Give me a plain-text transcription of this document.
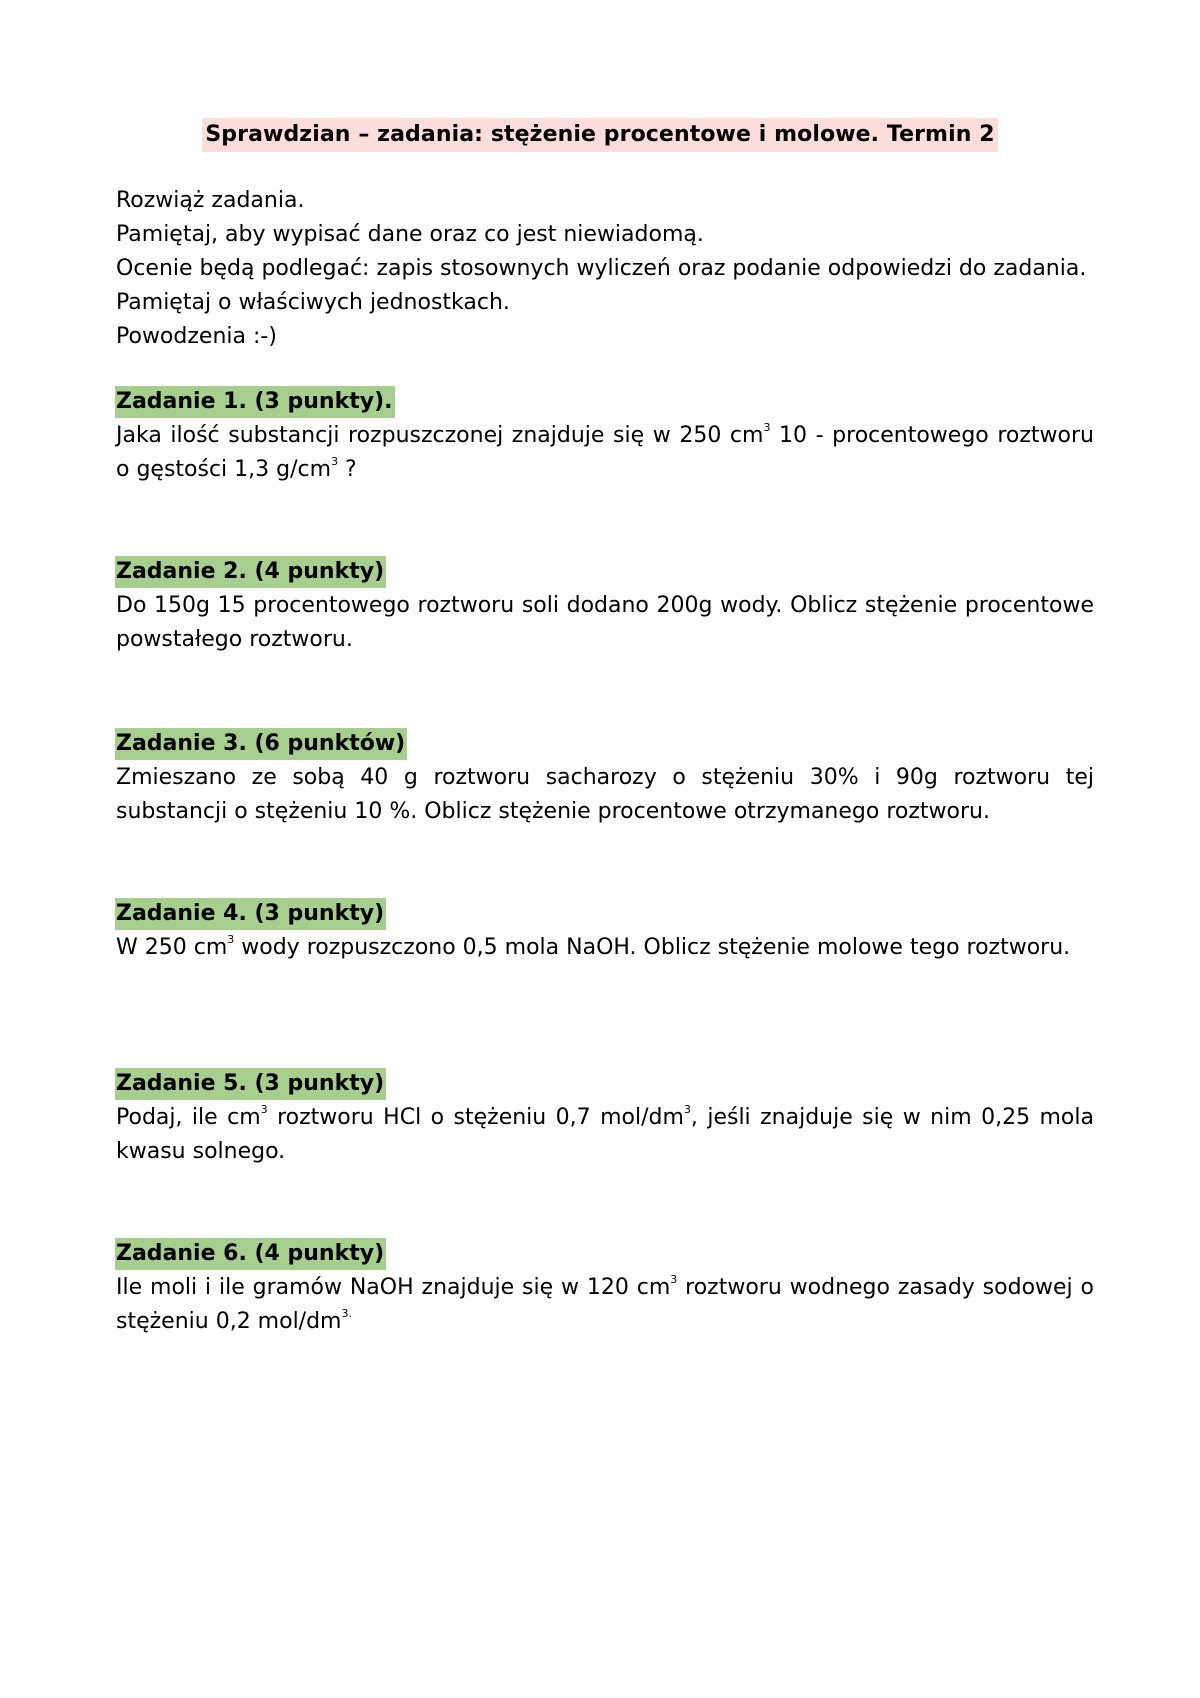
Sprawdzian – zadania: stężenie procentowe i molowe. Termin 2
Rozwiąż zadania.
Pamiętaj, aby wypisać dane oraz co jest niewiadomą.
Ocenie będą podlegać: zapis stosownych wyliczeń oraz podanie odpowiedzi do zadania.
Pamiętaj o właściwych jednostkach.
Powodzenia :-)
Zadanie 1. (3 punkty).
Jaka ilość substancji rozpuszczonej znajduje się w 250 $cm^3$ 10 - procentowego roztworu o gęstości 1,3 $g/cm^3$ ?
Zadanie 2. (4 punkty)
Do 150g 15 procentowego roztworu soli dodano 200g wody. Oblicz stężenie procentowe powstałego roztworu.
Zadanie 3. (6 punktów)
Zmieszano ze sobą 40 g roztworu sacharozy o stężeniu 30% i 90g roztworu tej substancji o stężeniu 10 %. Oblicz stężenie procentowe otrzymanego roztworu.
Zadanie 4. (3 punkty)
W 250 $cm^3$ wody rozpuszczono 0,5 mola NaOH. Oblicz stężenie molowe tego roztworu.
Zadanie 5. (3 punkty)
Podaj, ile $cm^3$ roztworu HCl o stężeniu 0,7 mol/$dm^3$, jeśli znajduje się w nim 0,25 mola kwasu solnego.
Zadanie 6. (4 punkty)
Ile moli i ile gramów NaOH znajduje się w 120 $cm^3$ roztworu wodnego zasady sodowej o stężeniu 0,2 mol/$dm^{3.}$
